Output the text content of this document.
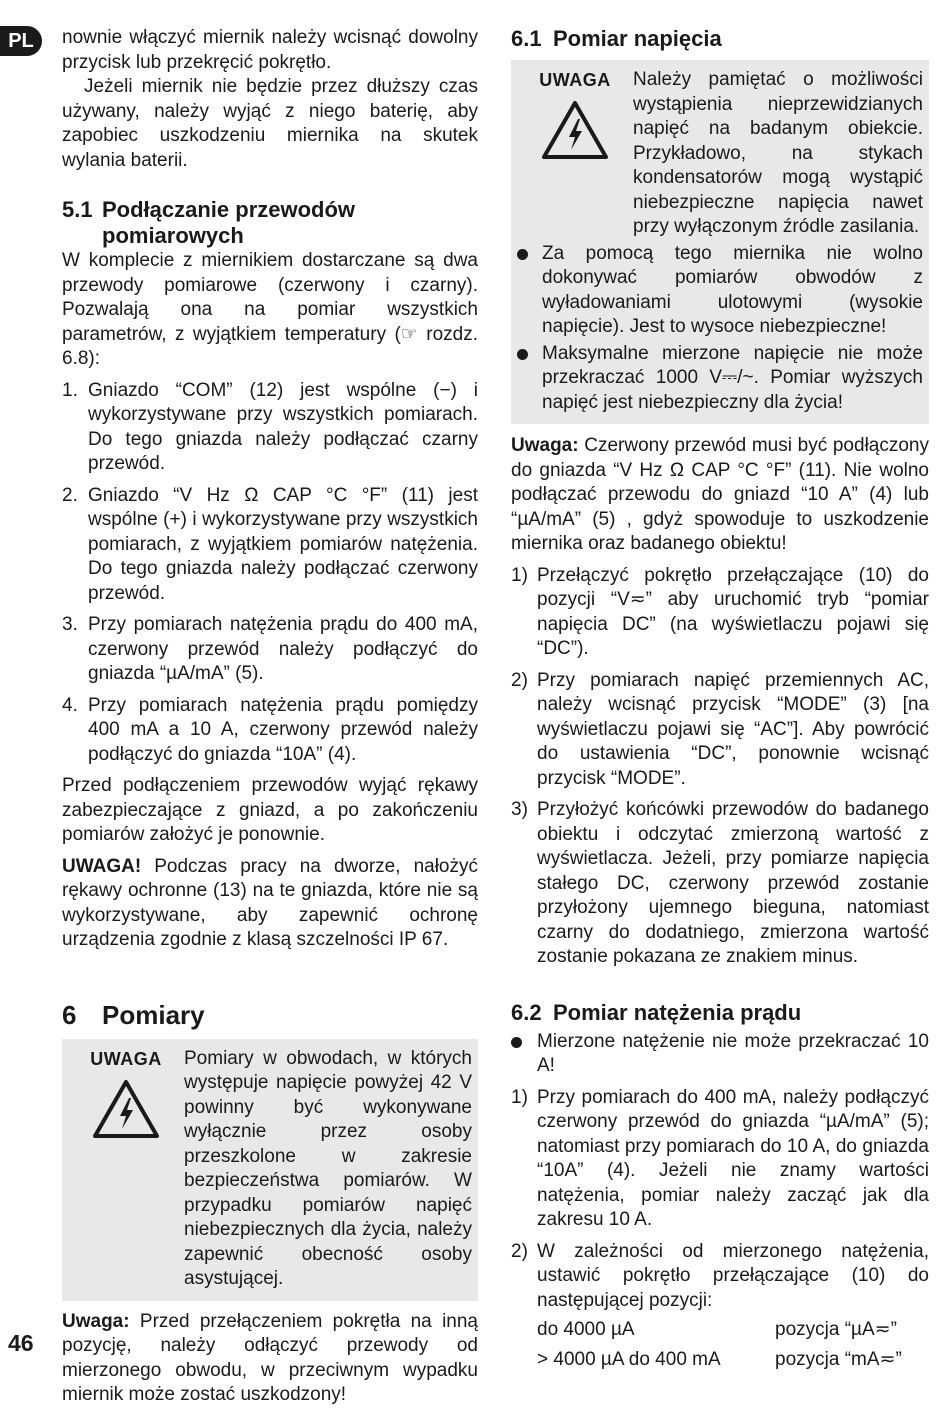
PL
46

nownie włączyć miernik należy wcisnąć dowolny przycisk lub przekręcić pokrętło.

Jeżeli miernik nie będzie przez dłuższy czas używany, należy wyjąć z niego baterię, aby zapobiec uszkodzeniu miernika na skutek wylania baterii.

5.1 Podłączanie przewodów
pomiarowych

W komplecie z miernikiem dostarczane są dwa przewody pomiarowe (czerwony i czarny). Pozwalają ona na pomiar wszystkich parametrów, z wyjątkiem temperatury (☞ rozdz. 6.8):

1. Gniazdo “COM” (12) jest wspólne (−) i wykorzystywane przy wszystkich pomiarach. Do tego gniazda należy podłączać czarny przewód.
2. Gniazdo “V Hz Ω CAP °C °F” (11) jest wspólne (+) i wykorzystywane przy wszystkich pomiarach, z wyjątkiem pomiarów natężenia. Do tego gniazda należy podłączać czerwony przewód.
3. Przy pomiarach natężenia prądu do 400 mA, czerwony przewód należy podłączyć do gniazda “µA/mA” (5).
4. Przy pomiarach natężenia prądu pomiędzy 400 mA a 10 A, czerwony przewód należy podłączyć do gniazda “10A” (4).

Przed podłączeniem przewodów wyjąć rękawy zabezpieczające z gniazd, a po zakończeniu pomiarów założyć je ponownie.

UWAGA! Podczas pracy na dworze, nałożyć rękawy ochronne (13) na te gniazda, które nie są wykorzystywane, aby zapewnić ochronę urządzenia zgodnie z klasą szczelności IP 67.

6 Pomiary
UWAGA Pomiary w obwodach, w których występuje napięcie powyżej 42 V powinny być wykonywane wyłącznie przez osoby przeszkolone w zakresie bezpieczeństwa pomiarów. W przypadku pomiarów napięć niebezpiecznych dla życia, należy zapewnić obecność osoby asystującej.

Uwaga: Przed przełączeniem pokrętła na inną pozycję, należy odłączyć przewody od mierzonego obwodu, w przeciwnym wypadku miernik może zostać uszkodzony!

6.1 Pomiar napięcia
UWAGA Należy pamiętać o możliwości wystąpienia nieprzewidzianych napięć na badanym obiekcie. Przykładowo, na stykach kondensatorów mogą wystąpić niebezpieczne napięcia nawet przy wyłączonym źródle zasilania.
Za pomocą tego miernika nie wolno dokonywać pomiarów obwodów z wyładowaniami ulotowymi (wysokie napięcie). Jest to wysoce niebezpieczne!
Maksymalne mierzone napięcie nie może przekraczać 1000 V⎓/~. Pomiar wyższych napięć jest niebezpieczny dla życia!

Uwaga: Czerwony przewód musi być podłączony do gniazda “V Hz Ω CAP °C °F” (11). Nie wolno podłączać przewodu do gniazd “10 A” (4) lub “µA/mA” (5) , gdyż spowoduje to uszkodzenie miernika oraz badanego obiektu!

1) Przełączyć pokrętło przełączające (10) do pozycji “V≂” aby uruchomić tryb “pomiar napięcia DC” (na wyświetlaczu pojawi się “DC”).
2) Przy pomiarach napięć przemiennych AC, należy wcisnąć przycisk “MODE” (3) [na wyświetlaczu pojawi się “AC”]. Aby powrócić do ustawienia “DC”, ponownie wcisnąć przycisk “MODE”.
3) Przyłożyć końcówki przewodów do badanego obiektu i odczytać zmierzoną wartość z wyświetlacza. Jeżeli, przy pomiarze napięcia stałego DC, czerwony przewód zostanie przyłożony ujemnego bieguna, natomiast czarny do dodatniego, zmierzona wartość zostanie pokazana ze znakiem minus.
6.2 Pomiar natężenia prądu
Mierzone natężenie nie może przekraczać 10 A!
1) Przy pomiarach do 400 mA, należy podłączyć czerwony przewód do gniazda “µA/mA” (5); natomiast przy pomiarach do 10 A, do gniazda “10A” (4). Jeżeli nie znamy wartości natężenia, pomiar należy zacząć jak dla zakresu 10 A.
2) W zależności od mierzonego natężenia, ustawić pokrętło przełączające (10) do następującej pozycji:
do 4000 µA	pozycja “µA≂”
> 4000 µA do 400 mA	pozycja “mA≂”
